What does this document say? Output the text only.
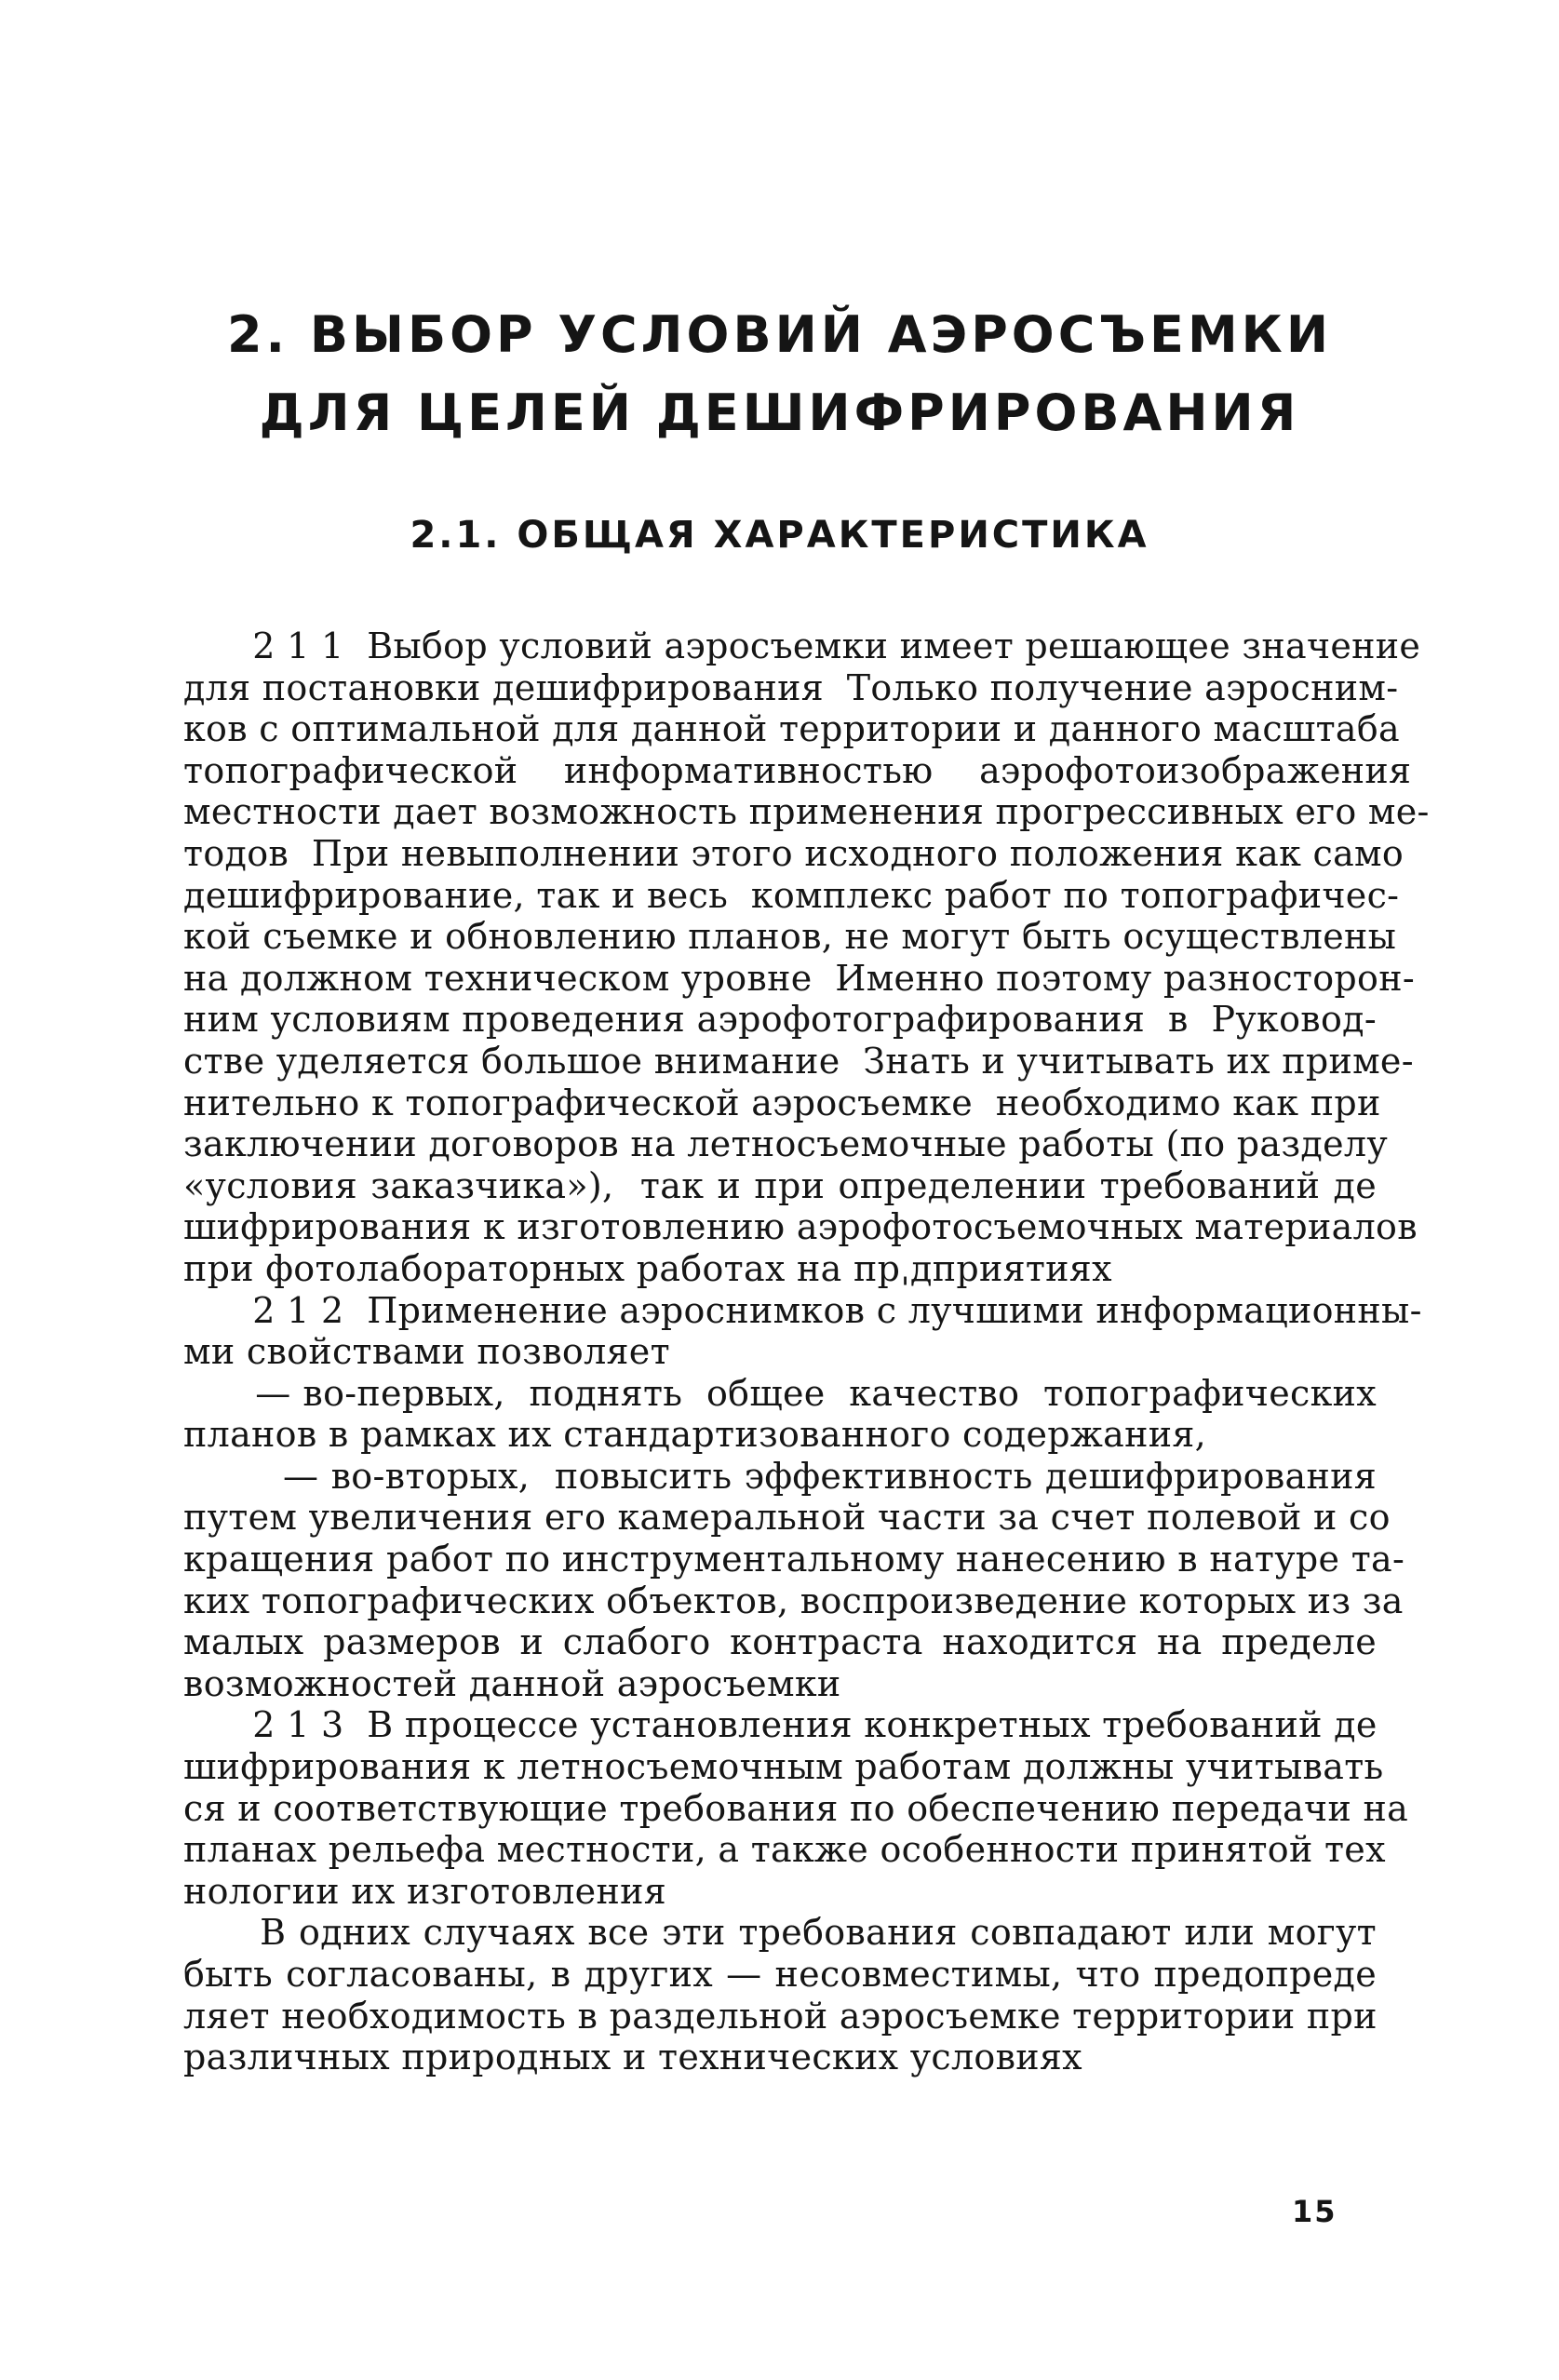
2. ВЫБОР УСЛОВИЙ АЭРОСЪЕМКИ
ДЛЯ ЦЕЛЕЙ ДЕШИФРИРОВАНИЯ
2.1. ОБЩАЯ ХАРАКТЕРИСТИКА
2 1 1  Выбор условий аэросъемки имеет решающее значение
для постановки дешифрирования  Только получение аэросним-
ков с оптимальной для данной территории и данного масштаба
топографической    информативностью    аэрофотоизображения
местности дает возможность применения прогрессивных его ме-
тодов  При невыполнении этого исходного положения как само
дешифрирование, так и весь  комплекс работ по топографичес-
кой съемке и обновлению планов, не могут быть осуществлены
на должном техническом уровне  Именно поэтому разносторон-
ним условиям проведения аэрофотографирования  в  Руковод-
стве уделяется большое внимание  Знать и учитывать их приме-
нительно к топографической аэросъемке  необходимо как при
заключении договоров на летносъемочные работы (по разделу
«условия заказчика»),  так и при определении требований де
шифрирования к изготовлению аэрофотосъемочных материалов
при фотолабораторных работах на прˌдприятиях
2 1 2  Применение аэроснимков с лучшими информационны-
ми свойствами позволяет
— во-первых,  поднять  общее  качество  топографических
планов в рамках их стандартизованного содержания,
— во-вторых,  повысить эффективность дешифрирования
путем увеличения его камеральной части за счет полевой и со
кращения работ по инструментальному нанесению в натуре та-
ких топографических объектов, воспроизведение которых из за
малых размеров и слабого контраста находится на пределе
возможностей данной аэросъемки
2 1 3  В процессе установления конкретных требований де
шифрирования к летносъемочным работам должны учитывать
ся и соответствующие требования по обеспечению передачи на
планах рельефа местности, а также особенности принятой тех
нологии их изготовления
В одних случаях все эти требования совпадают или могут
быть согласованы, в других — несовместимы, что предопреде
ляет необходимость в раздельной аэросъемке территории при
различных природных и технических условиях
15
